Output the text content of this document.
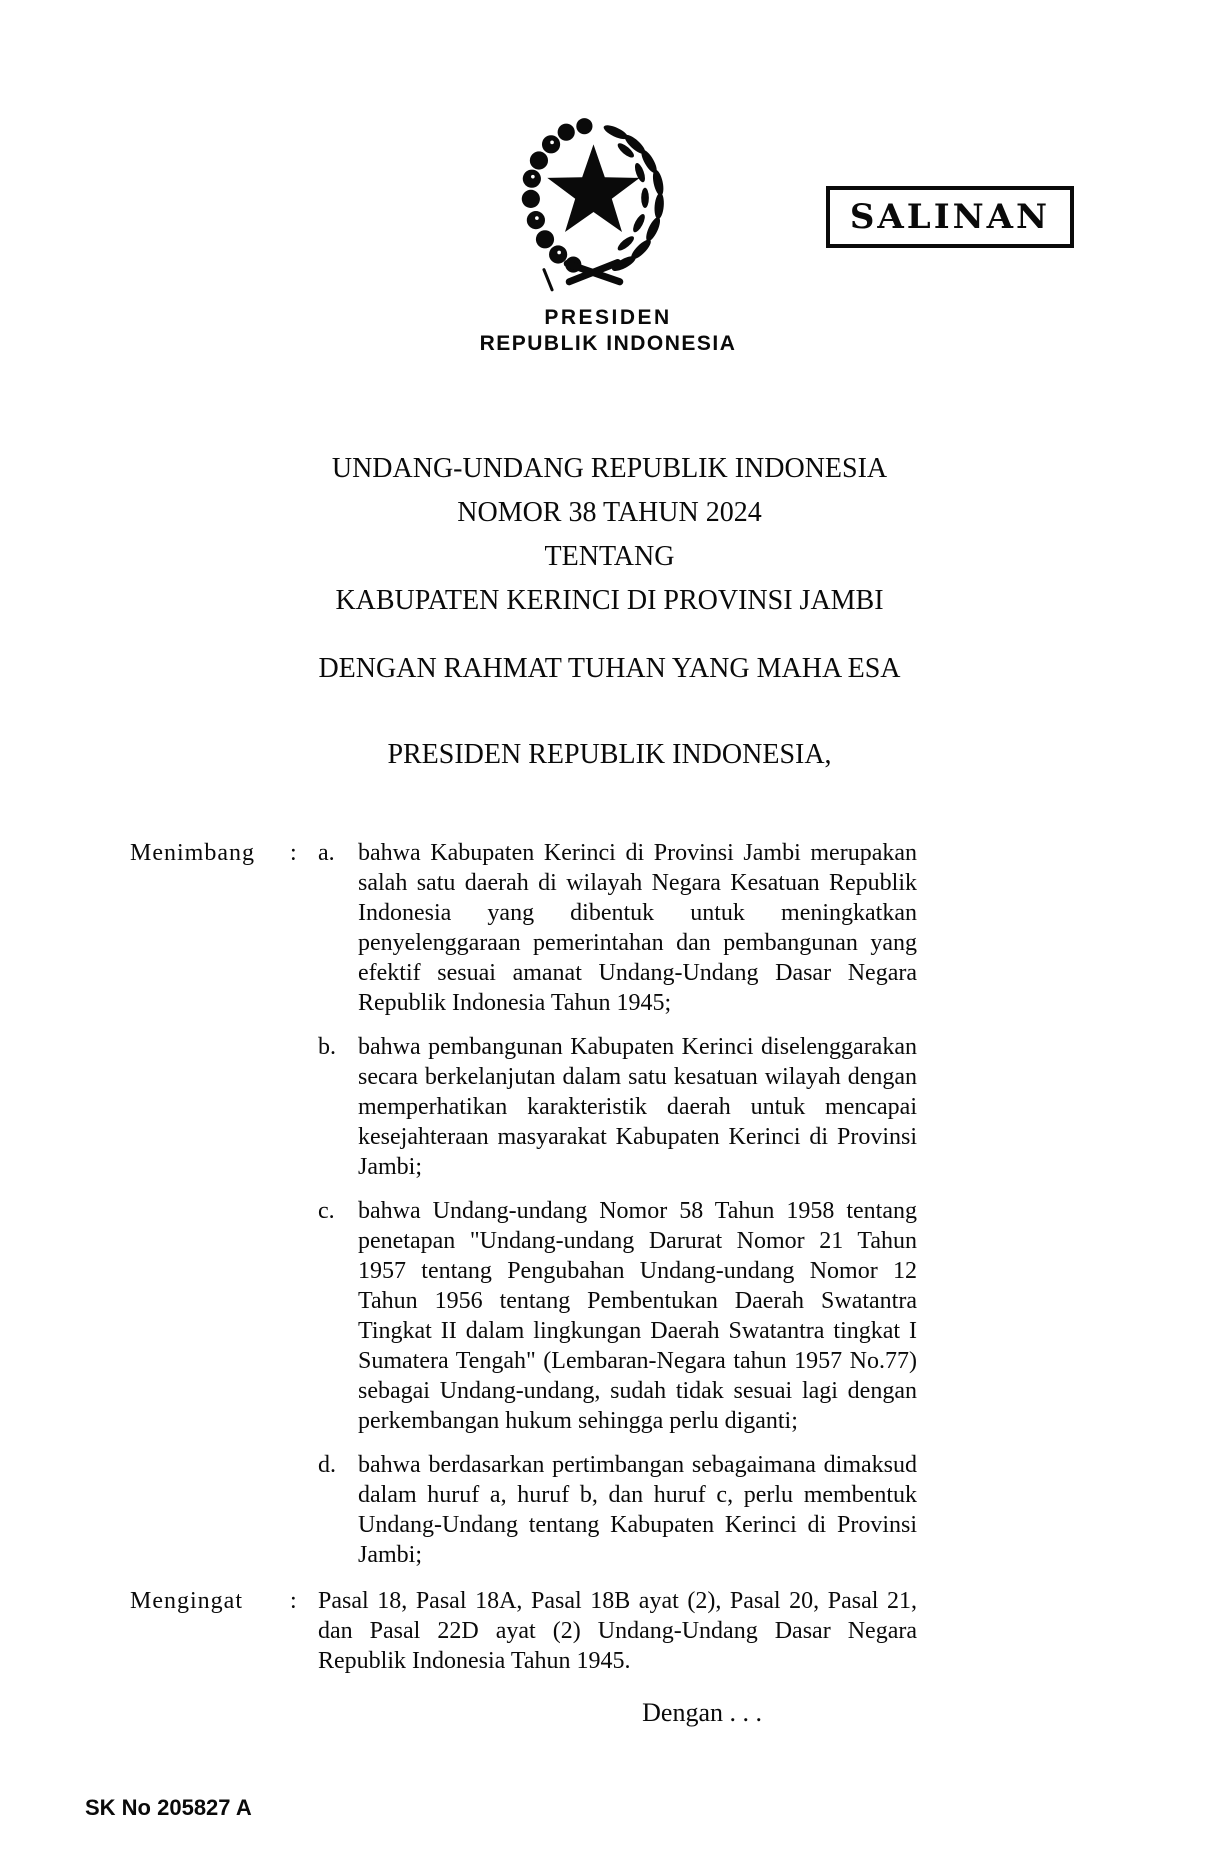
PRESIDEN
REPUBLIK INDONESIA
SALINAN
UNDANG-UNDANG REPUBLIK INDONESIA
NOMOR 38 TAHUN 2024
TENTANG
KABUPATEN KERINCI DI PROVINSI JAMBI
DENGAN RAHMAT TUHAN YANG MAHA ESA
PRESIDEN REPUBLIK INDONESIA,
Menimbang	: a. bahwa Kabupaten Kerinci di Provinsi Jambi merupakan salah satu daerah di wilayah Negara Kesatuan Republik Indonesia yang dibentuk untuk meningkatkan penyelenggaraan pemerintahan dan pembangunan yang efektif sesuai amanat Undang-Undang Dasar Negara Republik Indonesia Tahun 1945;
b. bahwa pembangunan Kabupaten Kerinci diselenggarakan secara berkelanjutan dalam satu kesatuan wilayah dengan memperhatikan karakteristik daerah untuk mencapai kesejahteraan masyarakat Kabupaten Kerinci di Provinsi Jambi;
c. bahwa Undang-undang Nomor 58 Tahun 1958 tentang penetapan "Undang-undang Darurat Nomor 21 Tahun 1957 tentang Pengubahan Undang-undang Nomor 12 Tahun 1956 tentang Pembentukan Daerah Swatantra Tingkat II dalam lingkungan Daerah Swatantra tingkat I Sumatera Tengah" (Lembaran-Negara tahun 1957 No.77) sebagai Undang-undang, sudah tidak sesuai lagi dengan perkembangan hukum sehingga perlu diganti;
d. bahwa berdasarkan pertimbangan sebagaimana dimaksud dalam huruf a, huruf b, dan huruf c, perlu membentuk Undang-Undang tentang Kabupaten Kerinci di Provinsi Jambi;
Mengingat	: Pasal 18, Pasal 18A, Pasal 18B ayat (2), Pasal 20, Pasal 21, dan Pasal 22D ayat (2) Undang-Undang Dasar Negara Republik Indonesia Tahun 1945.
Dengan . . .
SK No 205827 A
